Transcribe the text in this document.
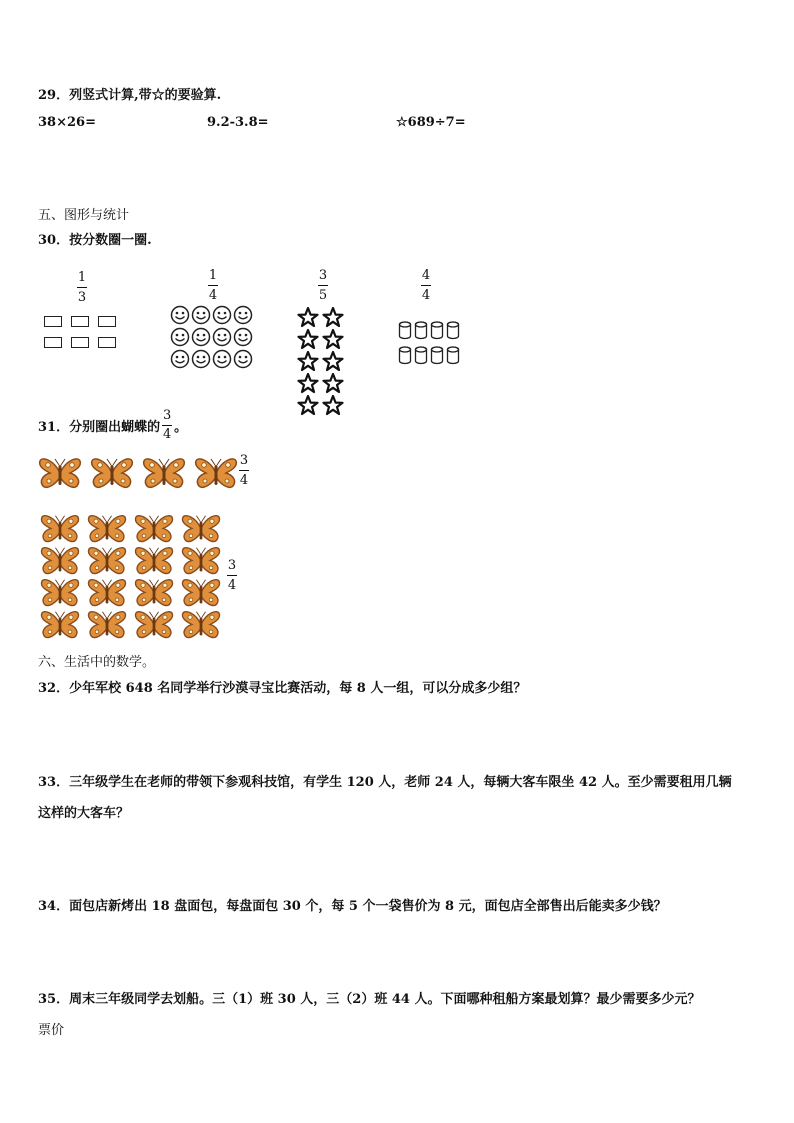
29．列竖式计算,带☆的要验算.
38×26=	9.2-3.8=	☆689÷7=
五、图形与统计
30．按分数圈一圈.
1
3
1
4
3
5
4
4
31．分别圈出蝴蝶的
3
4 。
3
4
3
4
六、生活中的数学。
32．少年军校 648 名同学举行沙漠寻宝比赛活动，每 8 人一组，可以分成多少组？
33．三年级学生在老师的带领下参观科技馆，有学生 120 人，老师 24 人，每辆大客车限坐 42 人。至少需要租用几辆
这样的大客车？
34．面包店新烤出 18 盘面包，每盘面包 30 个，每 5 个一袋售价为 8 元，面包店全部售出后能卖多少钱？
35．周末三年级同学去划船。三（1）班 30 人，三（2）班 44 人。下面哪种租船方案最划算？最少需要多少元？
票价
